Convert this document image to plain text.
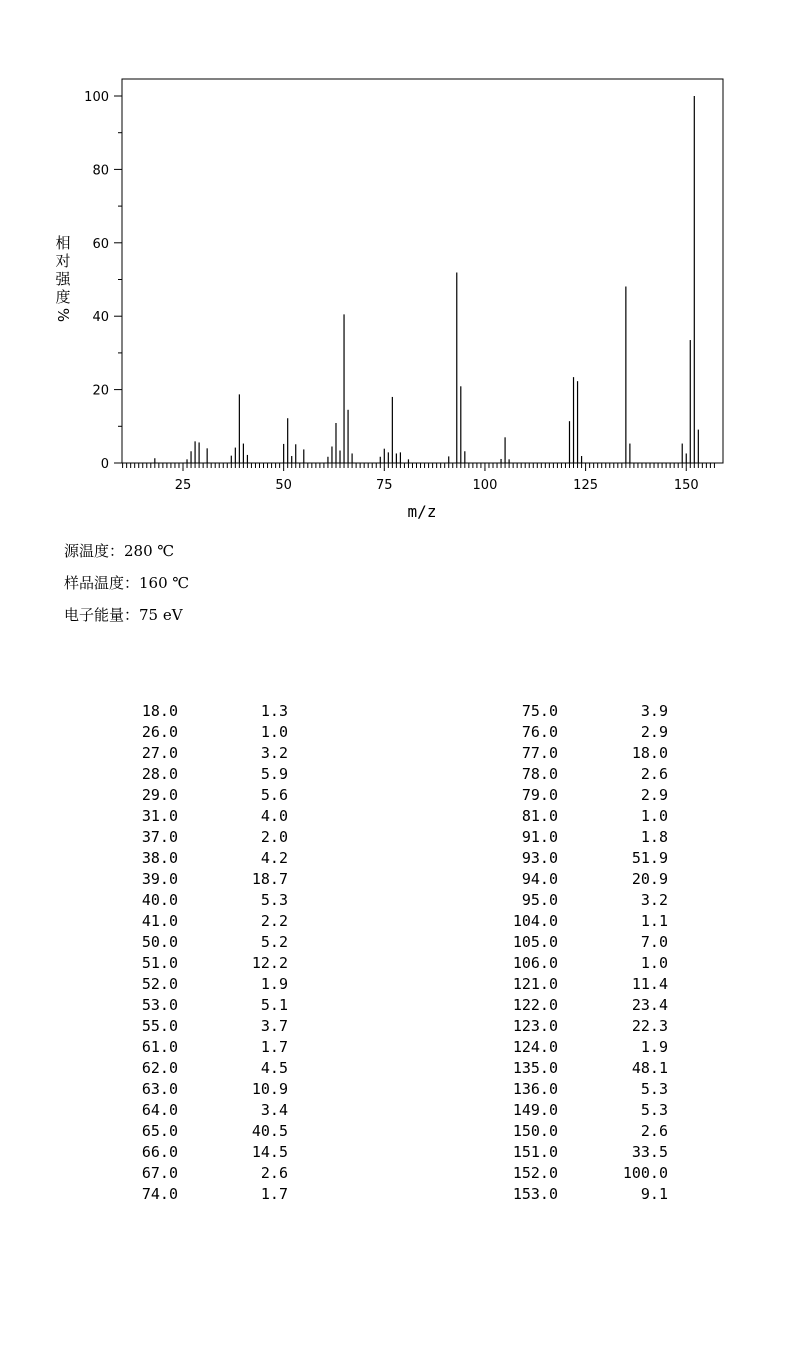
0
20
40
60
80
100
25	50	75	100	125	150
m/z
相
对
强
度
%
源温度：280 ℃
样品温度：160 ℃
电子能量：75 eV
18.0	1.3
26.0	1.0
27.0	3.2
28.0	5.9
29.0	5.6
31.0	4.0
37.0	2.0
38.0	4.2
39.0	18.7
40.0	5.3
41.0	2.2
50.0	5.2
51.0	12.2
52.0	1.9
53.0	5.1
55.0	3.7
61.0	1.7
62.0	4.5
63.0	10.9
64.0	3.4
65.0	40.5
66.0	14.5
67.0	2.6
74.0	1.7
75.0	3.9
76.0	2.9
77.0	18.0
78.0	2.6
79.0	2.9
81.0	1.0
91.0	1.8
93.0	51.9
94.0	20.9
95.0	3.2
104.0	1.1
105.0	7.0
106.0	1.0
121.0	11.4
122.0	23.4
123.0	22.3
124.0	1.9
135.0	48.1
136.0	5.3
149.0	5.3
150.0	2.6
151.0	33.5
152.0	100.0
153.0	9.1
